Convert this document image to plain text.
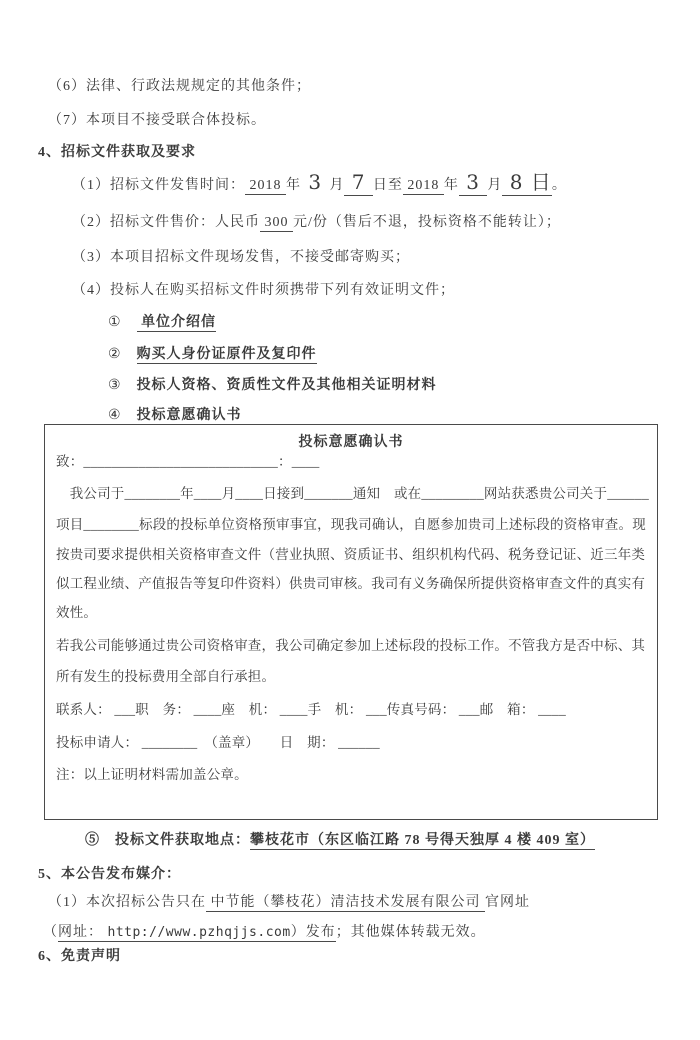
（6）法律、行政法规规定的其他条件；
（7）本项目不接受联合体投标。
4、招标文件获取及要求
（1）招标文件发售时间： 2018 年 3 月 7 日至 2018 年 3 月 8 日。
（2）招标文件售价：人民币 300 元/份（售后不退，投标资格不能转让）；
（3）本项目招标文件现场发售，不接受邮寄购买；
（4）投标人在购买招标文件时须携带下列有效证明文件；
①　 单位介绍信
②　购买人身份证原件及复印件
③　投标人资格、资质性文件及其他相关证明材料
④　投标意愿确认书
投标意愿确认书
致：____________________________：____
　我公司于________年____月____日接到_______通知　或在_________网站获悉贵公司关于______
项目________标段的投标单位资格预审事宜，现我司确认，自愿参加贵司上述标段的资格审查。现
按贵司要求提供相关资格审查文件（营业执照、资质证书、组织机构代码、税务登记证、近三年类
似工程业绩、产值报告等复印件资料）供贵司审核。我司有义务确保所提供资格审查文件的真实有
效性。
若我公司能够通过贵公司资格审查，我公司确定参加上述标段的投标工作。不管我方是否中标、其
所有发生的投标费用全部自行承担。
联系人： ___职　务： ____座　机： ____手　机： ___传真号码： ___邮　箱： ____
投标申请人： ________　（盖章）　　日　期： ______
注：以上证明材料需加盖公章。
⑤　投标文件获取地点：攀枝花市（东区临江路 78 号得天独厚 4 楼 409 室）
5、本公告发布媒介：
（1）本次招标公告只在 中节能（攀枝花）清洁技术发展有限公司 官网址
（网址： http://www.pzhqjjs.com）发布；其他媒体转载无效。
6、免责声明
